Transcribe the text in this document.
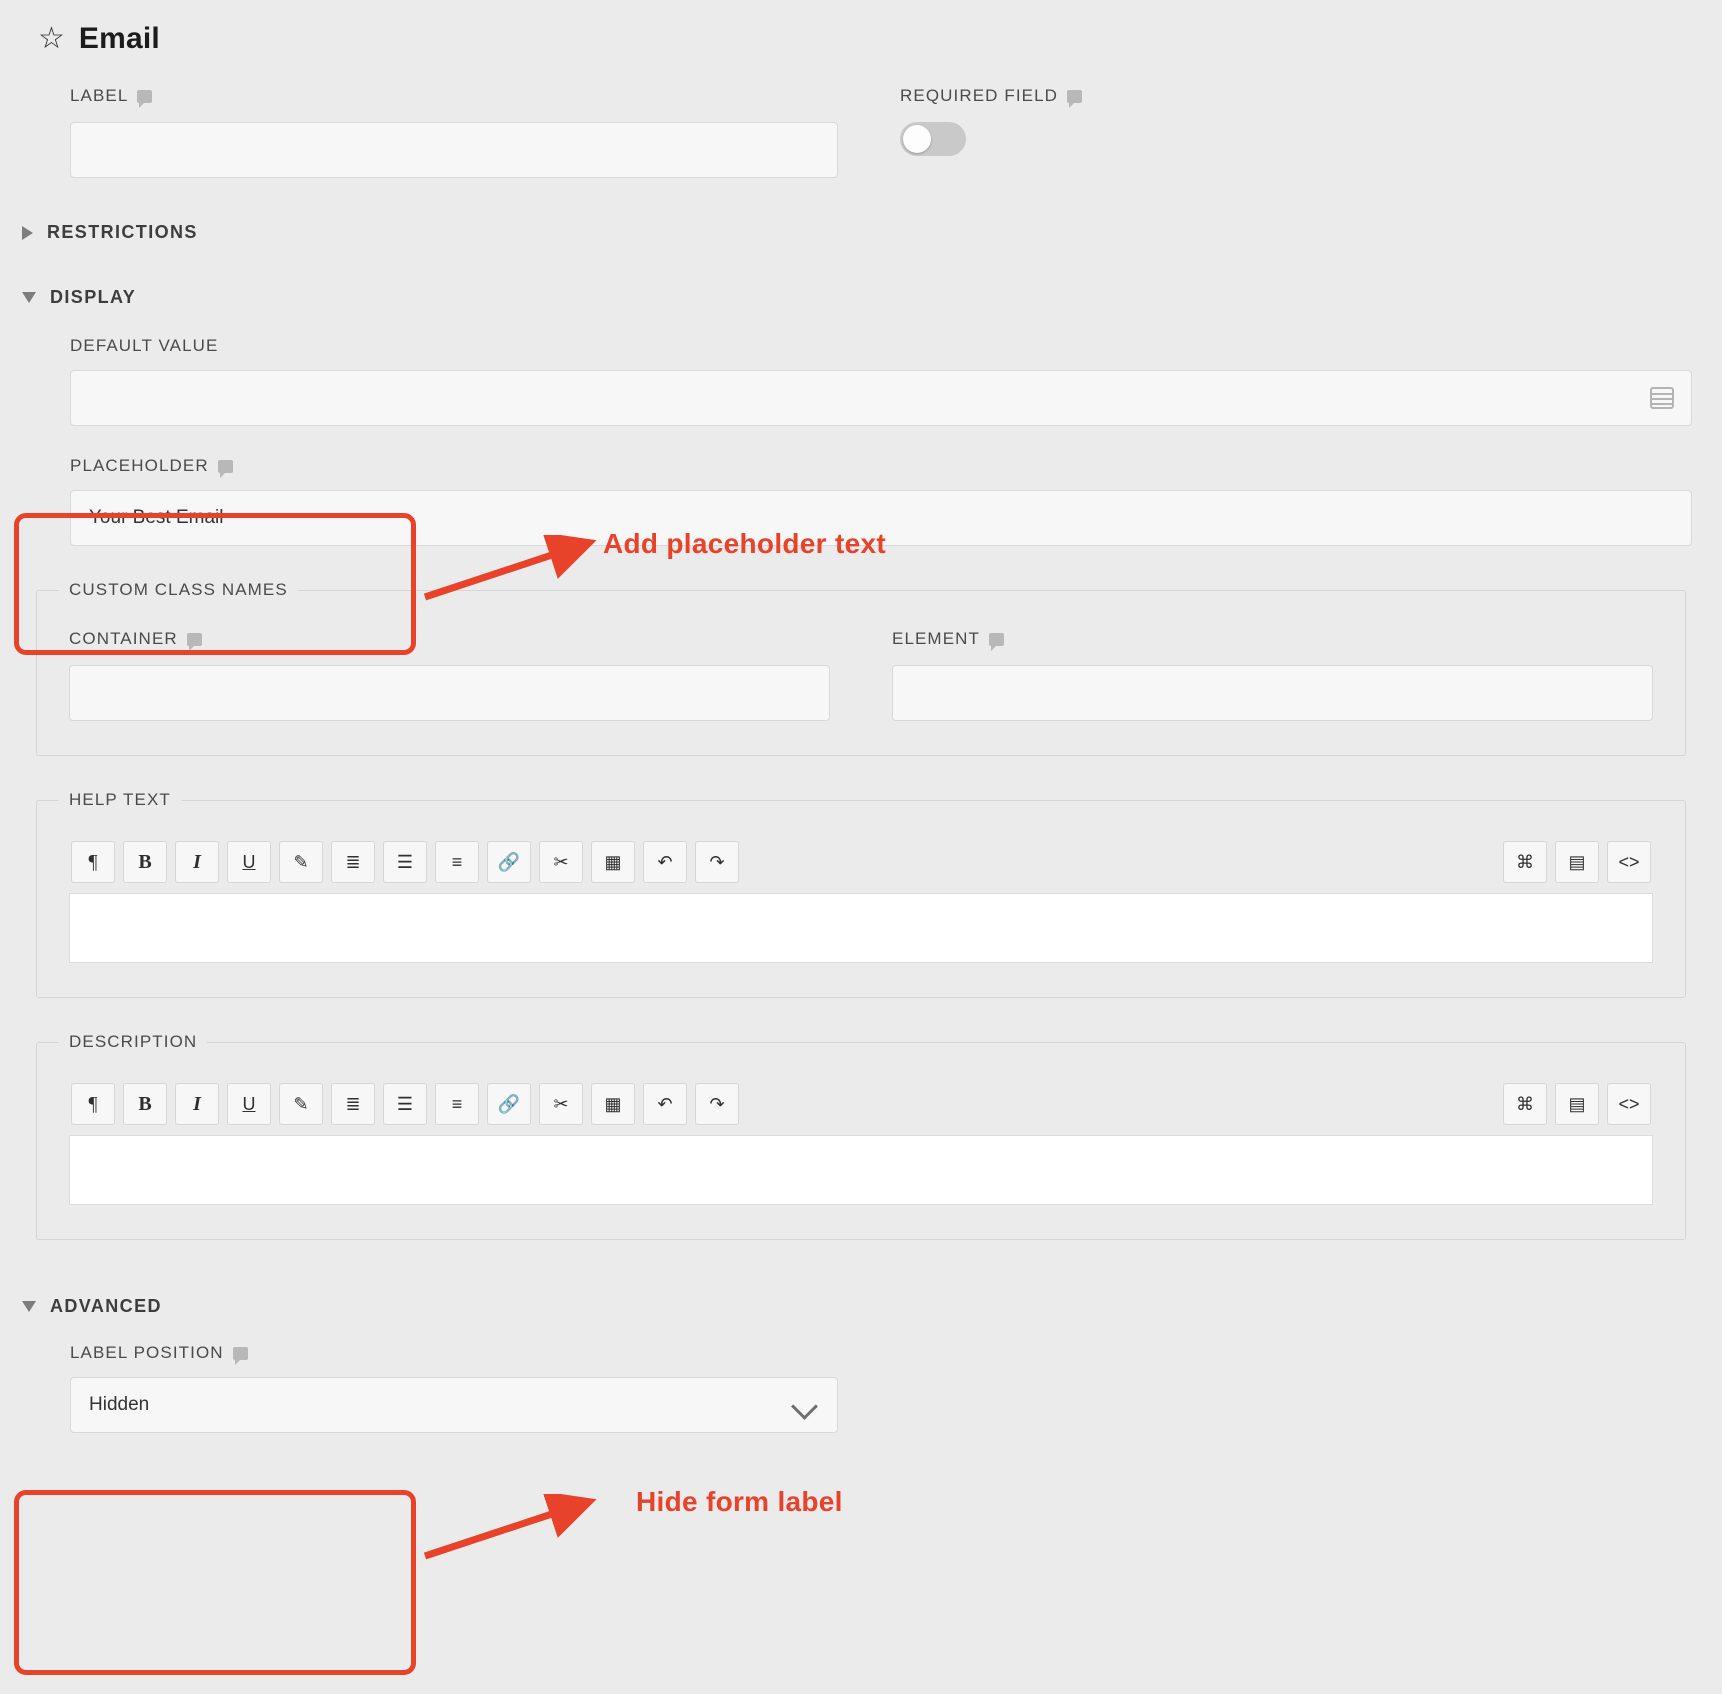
☆ Email
LABEL	REQUIRED FIELD
RESTRICTIONS
DISPLAY
DEFAULT VALUE
PLACEHOLDER
Your Best Email
CUSTOM CLASS NAMES
CONTAINER	ELEMENT
HELP TEXT
¶	B	I	U	✎	≣	☰	≡	🔗	✂	▦	↶	↷	⌘	▤	<>
DESCRIPTION
¶	B	I	U	✎	≣	☰	≡	🔗	✂	▦	↶	↷	⌘	▤	<>
ADVANCED
LABEL POSITION
Hidden
Add placeholder text
Hide form label
